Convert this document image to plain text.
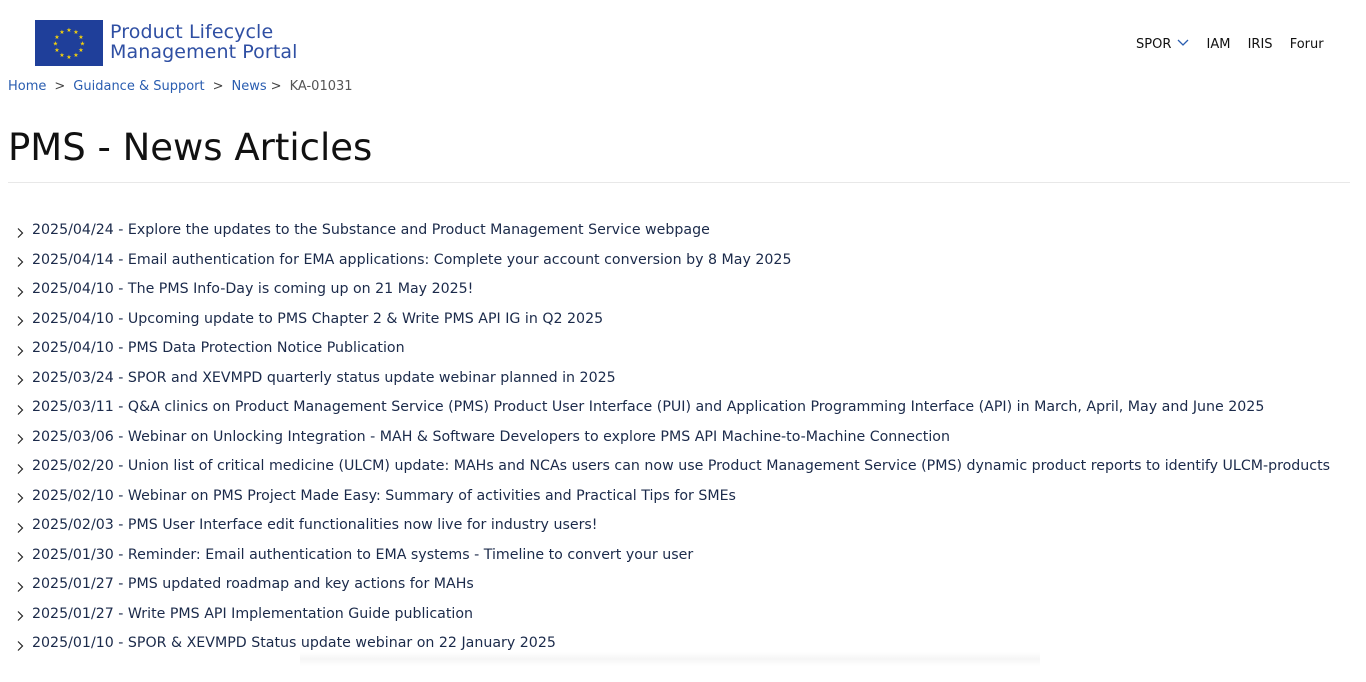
★ ★
★
★
★
★
★
★
★
★
★
★ Product Lifecycle
Management Portal	SPOR	IAM IRIS Forur
Home > Guidance & Support > News > KA-01031
PMS - News Articles
2025/04/24 - Explore the updates to the Substance and Product Management Service webpage
2025/04/14 - Email authentication for EMA applications: Complete your account conversion by 8 May 2025
2025/04/10 - The PMS Info-Day is coming up on 21 May 2025!
2025/04/10 - Upcoming update to PMS Chapter 2 & Write PMS API IG in Q2 2025
2025/04/10 - PMS Data Protection Notice Publication
2025/03/24 - SPOR and XEVMPD quarterly status update webinar planned in 2025
2025/03/11 - Q&A clinics on Product Management Service (PMS) Product User Interface (PUI) and Application Programming Interface (API) in March, April, May and June 2025
2025/03/06 - Webinar on Unlocking Integration - MAH & Software Developers to explore PMS API Machine-to-Machine Connection
2025/02/20 - Union list of critical medicine (ULCM) update: MAHs and NCAs users can now use Product Management Service (PMS) dynamic product reports to identify ULCM-products
2025/02/10 - Webinar on PMS Project Made Easy: Summary of activities and Practical Tips for SMEs
2025/02/03 - PMS User Interface edit functionalities now live for industry users!
2025/01/30 - Reminder: Email authentication to EMA systems - Timeline to convert your user
2025/01/27 - PMS updated roadmap and key actions for MAHs
2025/01/27 - Write PMS API Implementation Guide publication
2025/01/10 - SPOR & XEVMPD Status update webinar on 22 January 2025
